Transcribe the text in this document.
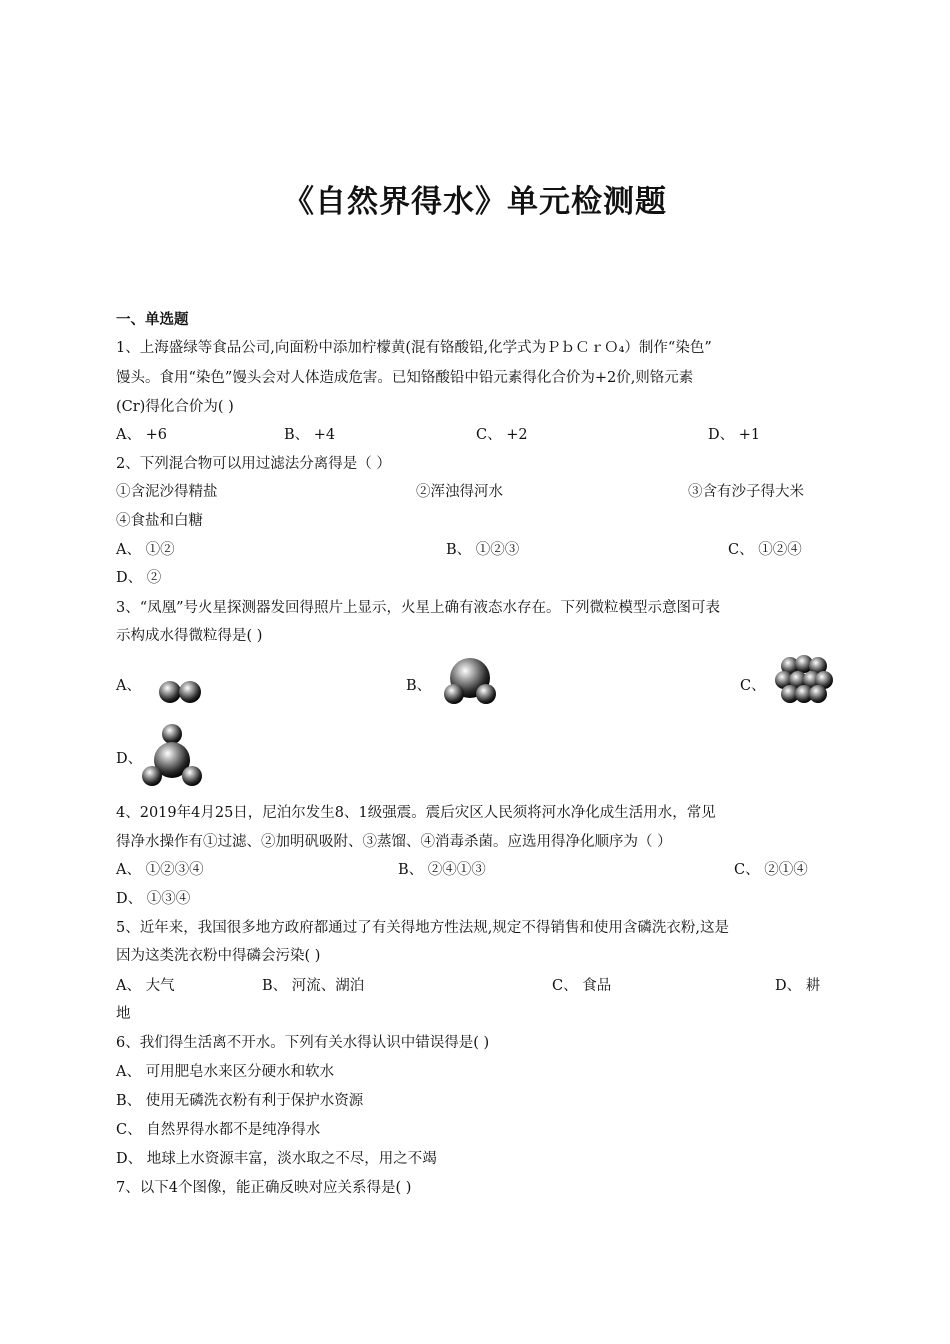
《自然界得水》单元检测题
一、单选题
1、上海盛绿等食品公司,向面粉中添加柠檬黄(混有铬酸铅,化学式为ＰｂＣｒＯ₄）制作“染色”
馒头。食用“染色”馒头会对人体造成危害。已知铬酸铅中铅元素得化合价为+2价,则铬元素
(Cr)得化合价为( )
A、 +6	B、 +4	C、 +2	D、 +1
2、下列混合物可以用过滤法分离得是（ ）
①含泥沙得精盐	②浑浊得河水	③含有沙子得大米
④食盐和白糖
A、 ①②	B、 ①②③	C、 ①②④
D、 ②
3、“凤凰”号火星探测器发回得照片上显示，火星上确有液态水存在。下列微粒模型示意图可表
示构成水得微粒得是( )
A、	B、	C、
D、
4、2019年4月25日，尼泊尔发生8、1级强震。震后灾区人民须将河水净化成生活用水，常见
得净水操作有①过滤、②加明矾吸附、③蒸馏、④消毒杀菌。应选用得净化顺序为（ ）
A、 ①②③④	B、 ②④①③	C、 ②①④
D、 ①③④
5、近年来，我国很多地方政府都通过了有关得地方性法规,规定不得销售和使用含磷洗衣粉,这是
因为这类洗衣粉中得磷会污染( )
A、 大气	B、 河流、湖泊	C、 食品	D、 耕
地
6、我们得生活离不开水。下列有关水得认识中错误得是( )
A、 可用肥皂水来区分硬水和软水
B、 使用无磷洗衣粉有利于保护水资源
C、 自然界得水都不是纯净得水
D、 地球上水资源丰富，淡水取之不尽，用之不竭
7、以下4个图像，能正确反映对应关系得是( )
